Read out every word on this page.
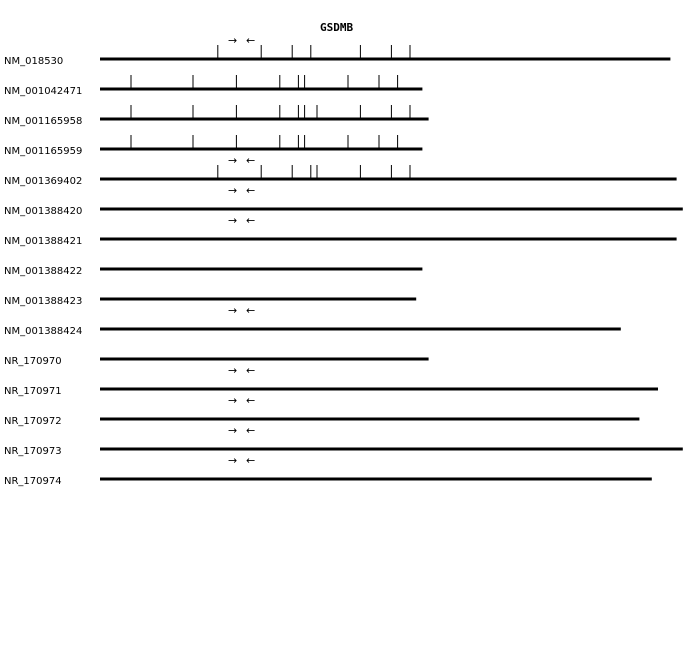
GSDMB
NM_018530
→ ←
NM_001042471
NM_001165958
NM_001165959
→ ←
NM_001369402
→ ←
NM_001388420
→ ←
NM_001388421
NM_001388422
NM_001388423
→ ←
NM_001388424
NR_170970
→ ←
NR_170971
→ ←
NR_170972
→ ←
NR_170973
→ ←
NR_170974
